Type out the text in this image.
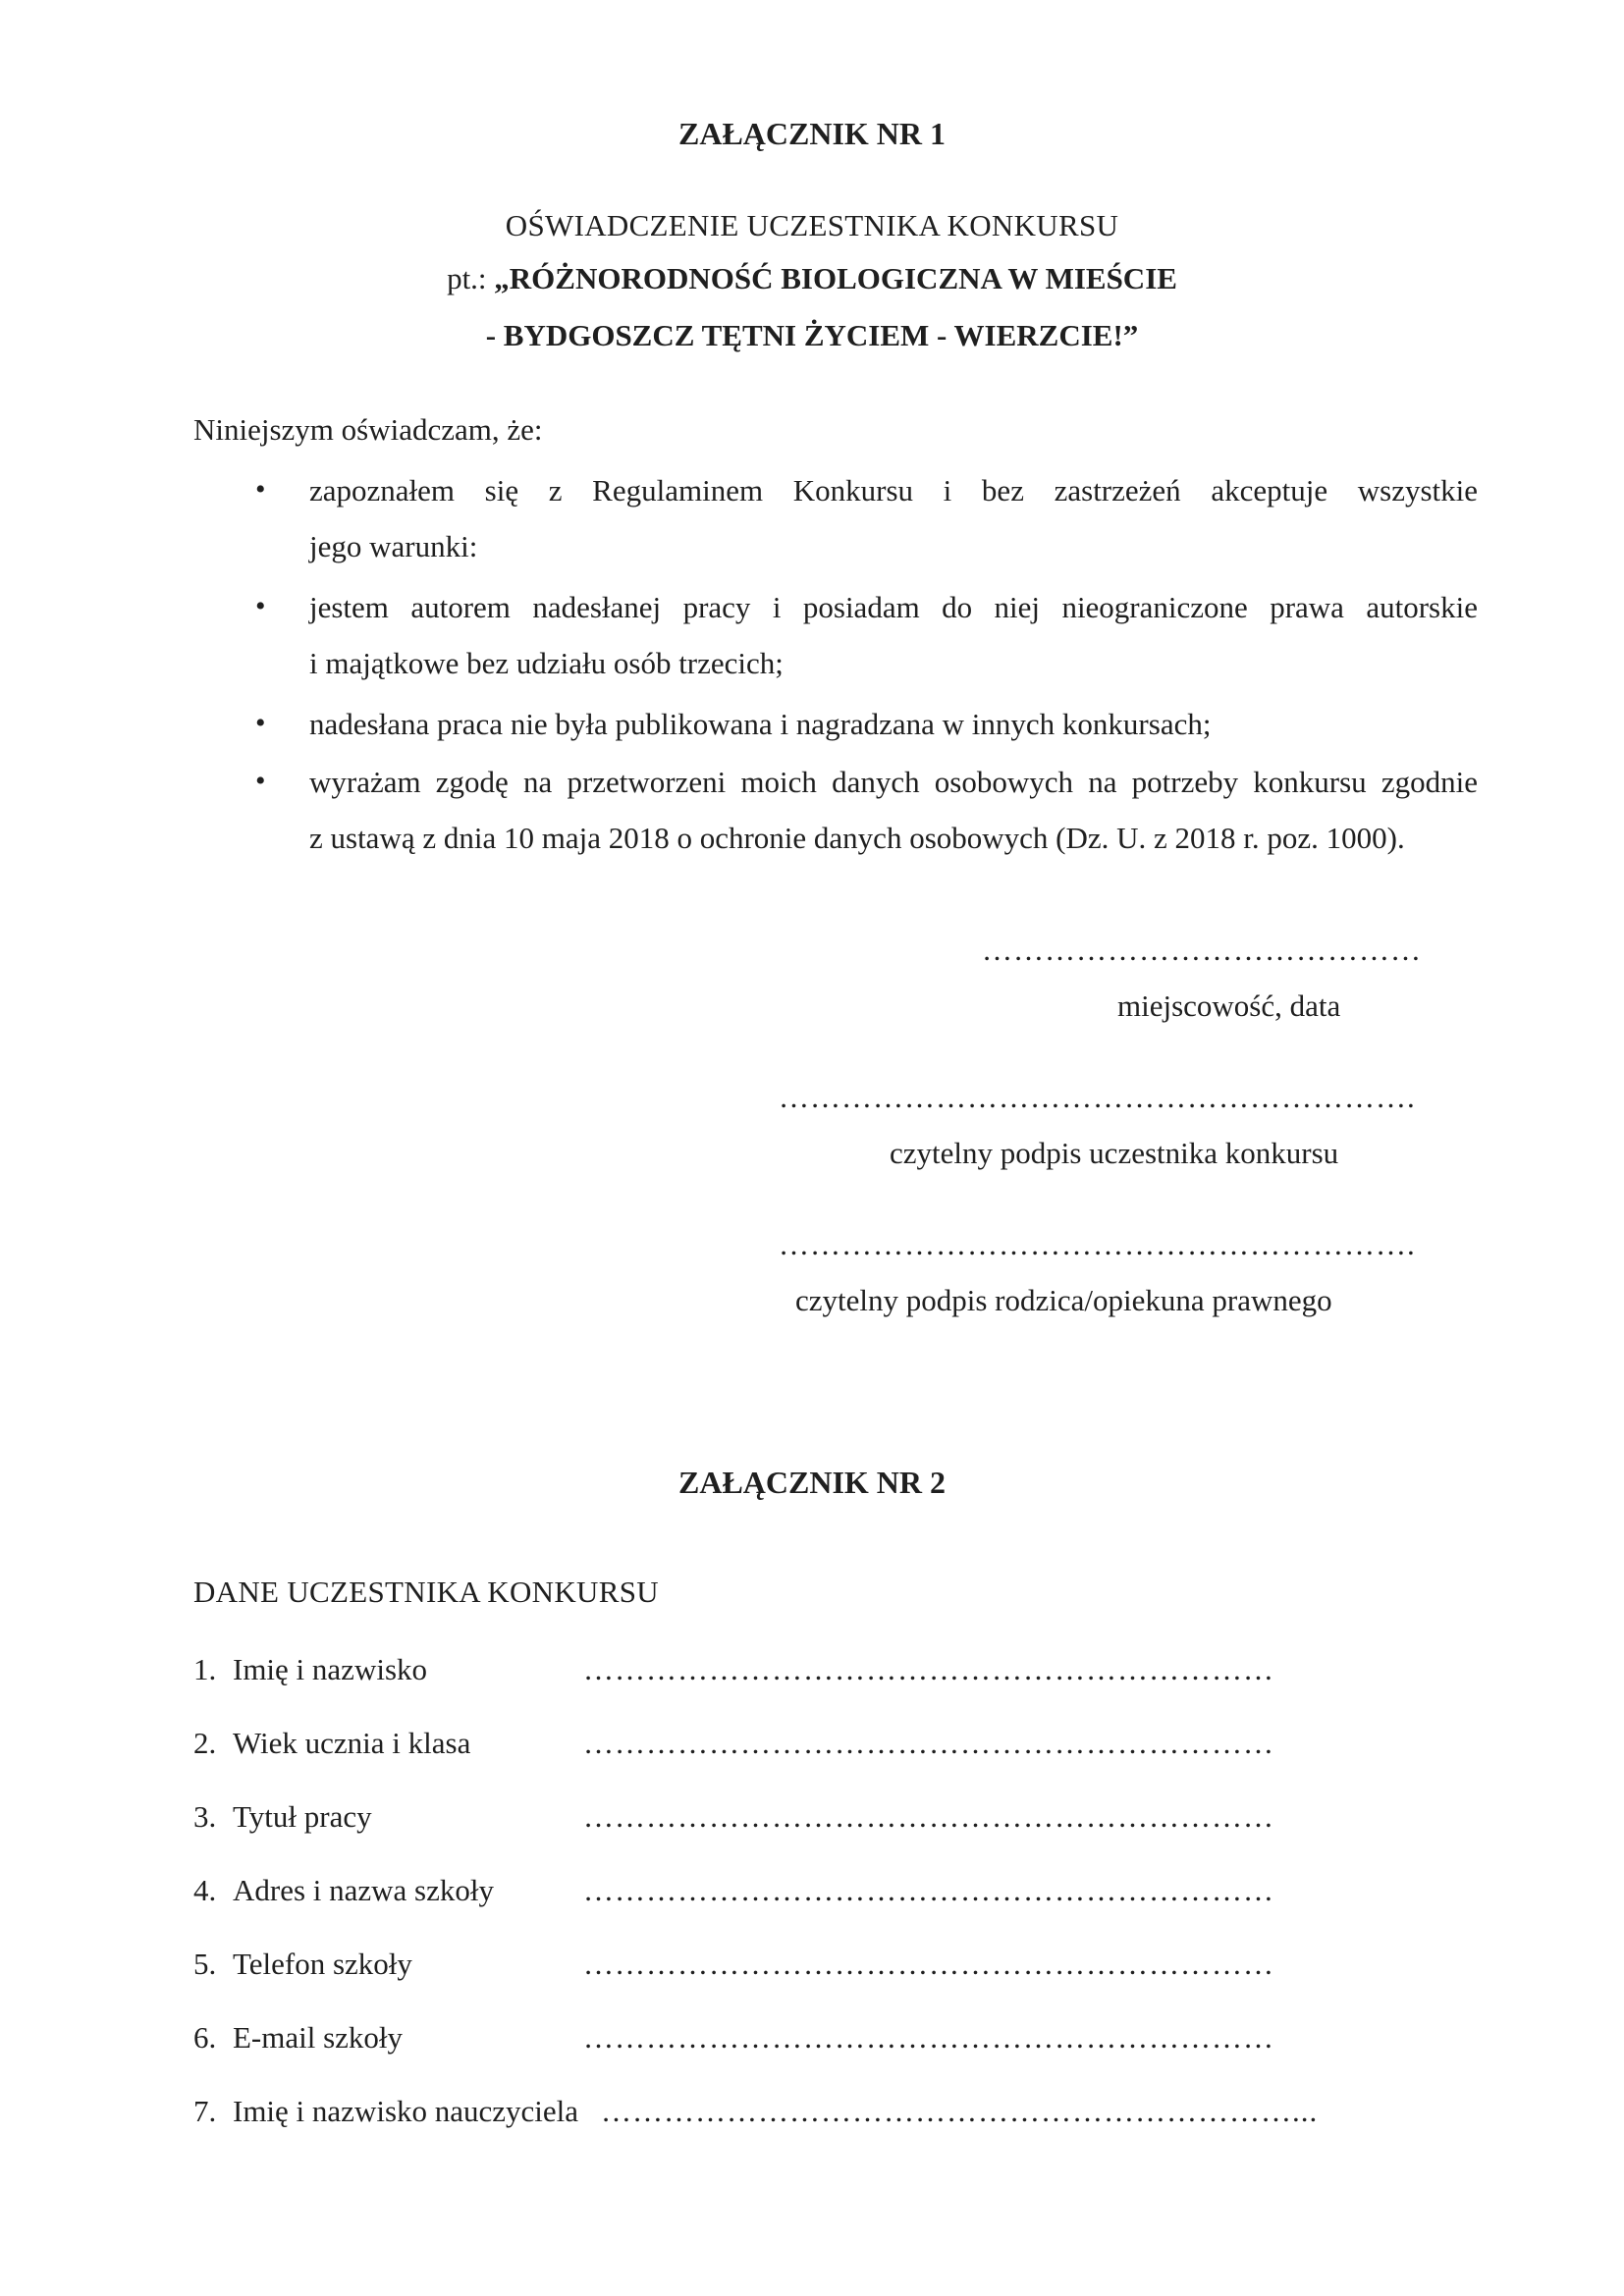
ZAŁĄCZNIK NR 1
OŚWIADCZENIE UCZESTNIKA KONKURSU
pt.: „RÓŻNORODNOŚĆ BIOLOGICZNA W MIEŚCIE
- BYDGOSZCZ TĘTNI ŻYCIEM - WIERZCIE!”
Niniejszym oświadczam, że:
• zapoznałem się z Regulaminem Konkursu i bez zastrzeżeń akceptuje wszystkie
jego warunki:
• jestem autorem nadesłanej pracy i posiadam do niej nieograniczone prawa autorskie
i majątkowe bez udziału osób trzecich;
• nadesłana praca nie była publikowana i nagradzana w innych konkursach;
• wyrażam zgodę na przetworzeni moich danych osobowych na potrzeby konkursu zgodnie
z ustawą z dnia 10 maja 2018 o ochronie danych osobowych (Dz. U. z 2018 r. poz. 1000).
……………………………………
miejscowość, data
…………………………………………………….
czytelny podpis uczestnika konkursu
…………………………………………………….
czytelny podpis rodzica/opiekuna prawnego
ZAŁĄCZNIK NR 2
DANE UCZESTNIKA KONKURSU
1. Imię i nazwisko	…………………………………………………………
2. Wiek ucznia i klasa	…………………………………………………………
3. Tytuł pracy	…………………………………………………………
4. Adres i nazwa szkoły	…………………………………………………………
5. Telefon szkoły	…………………………………………………………
6. E-mail szkoły	…………………………………………………………
7. Imię i nazwisko nauczyciela …………………………………………………………...
